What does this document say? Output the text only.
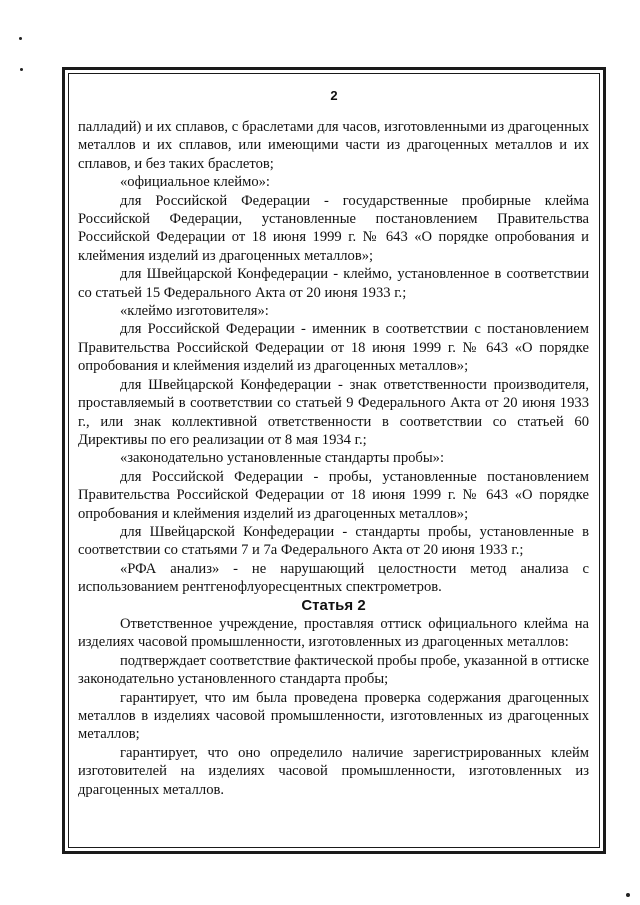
2

палладий) и их сплавов, с браслетами для часов, изготовленными из драгоценных металлов и их сплавов, или имеющими части из драгоценных металлов и их сплавов, и без таких браслетов;

«официальное клеймо»:

для Российской Федерации - государственные пробирные клейма Российской Федерации, установленные постановлением Правительства Российской Федерации от 18 июня 1999 г. № 643 «О порядке опробования и клеймения изделий из драгоценных металлов»;

для Швейцарской Конфедерации - клеймо, установленное в соответствии со статьей 15 Федерального Акта от 20 июня 1933 г.;

«клеймо изготовителя»:

для Российской Федерации - именник в соответствии с постановлением Правительства Российской Федерации от 18 июня 1999 г. № 643 «О порядке опробования и клеймения изделий из драгоценных металлов»;

для Швейцарской Конфедерации - знак ответственности производителя, проставляемый в соответствии со статьей 9 Федерального Акта от 20 июня 1933 г., или знак коллективной ответственности в соответствии со статьей 60 Директивы по его реализации от 8 мая 1934 г.;

«законодательно установленные стандарты пробы»:

для Российской Федерации - пробы, установленные постановлением Правительства Российской Федерации от 18 июня 1999 г. № 643 «О порядке опробования и клеймения изделий из драгоценных металлов»;

для Швейцарской Конфедерации - стандарты пробы, установленные в соответствии со статьями 7 и 7а Федерального Акта от 20 июня 1933 г.;

«РФА анализ» - не нарушающий целостности метод анализа с использованием рентгенофлуоресцентных спектрометров.

Статья 2

Ответственное учреждение, проставляя оттиск официального клейма на изделиях часовой промышленности, изготовленных из драгоценных металлов:

подтверждает соответствие фактической пробы пробе, указанной в оттиске законодательно установленного стандарта пробы;

гарантирует, что им была проведена проверка содержания драгоценных металлов в изделиях часовой промышленности, изготовленных из драгоценных металлов;

гарантирует, что оно определило наличие зарегистрированных клейм изготовителей на изделиях часовой промышленности, изготовленных из драгоценных металлов.
